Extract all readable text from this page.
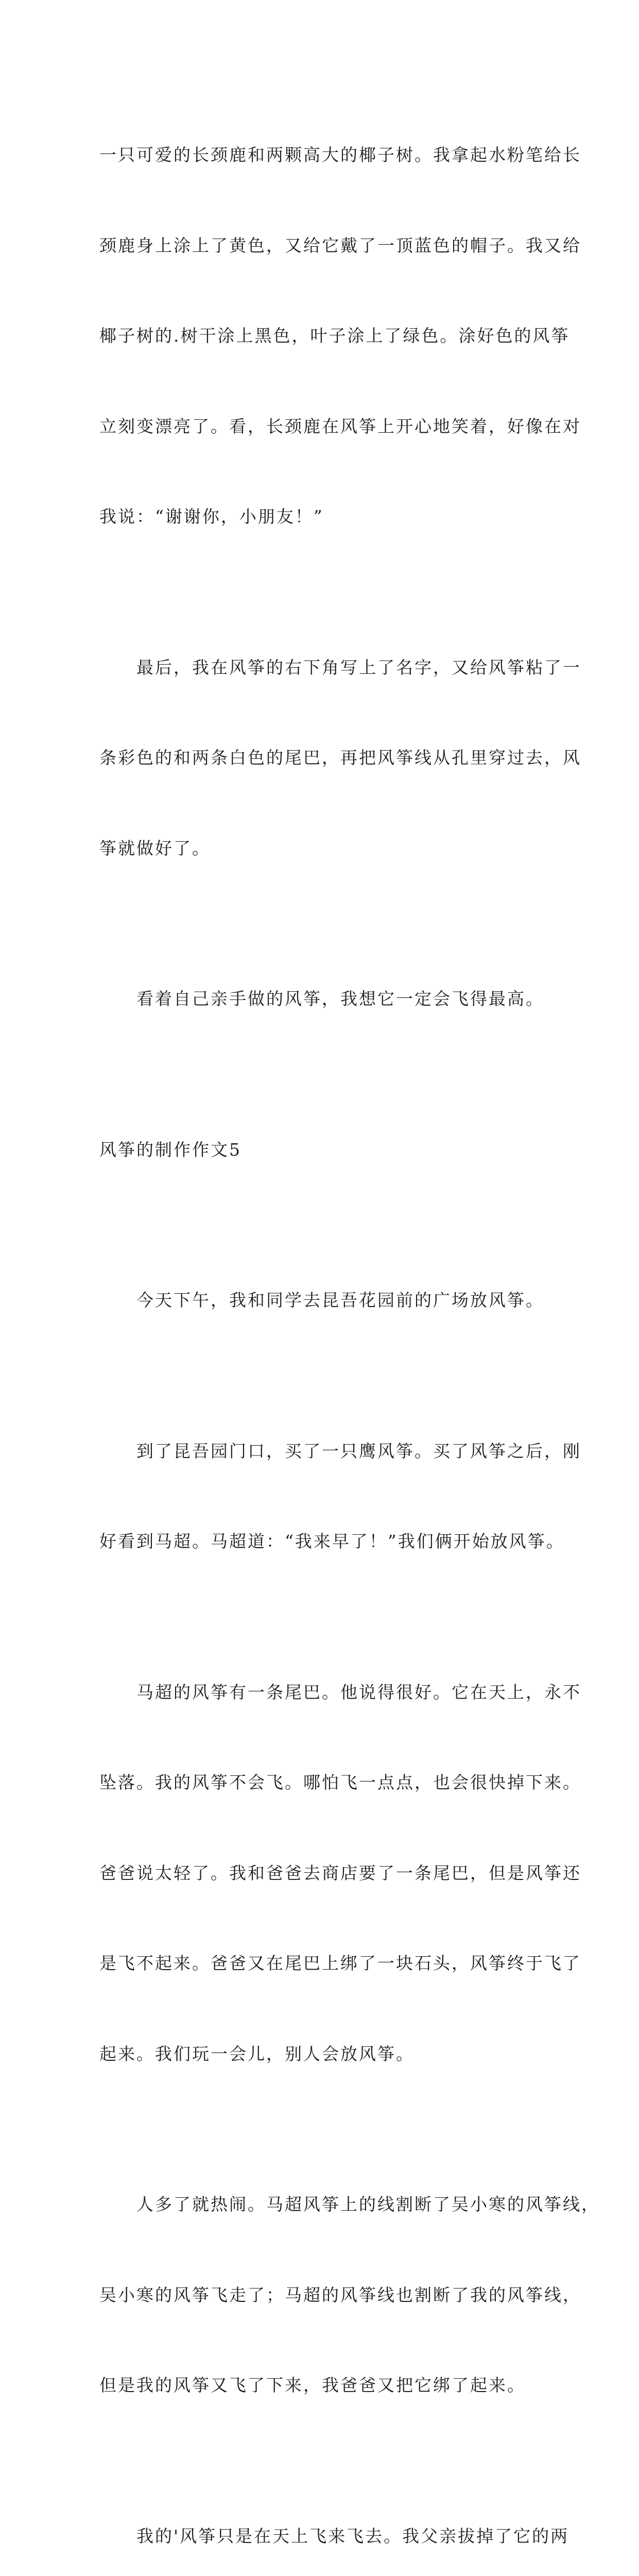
一只可爱的长颈鹿和两颗高大的椰子树。我拿起水粉笔给长

颈鹿身上涂上了黄色，又给它戴了一顶蓝色的帽子。我又给

椰子树的.树干涂上黑色，叶子涂上了绿色。涂好色的风筝

立刻变漂亮了。看，长颈鹿在风筝上开心地笑着，好像在对

我说：“谢谢你，小朋友！”

　　最后，我在风筝的右下角写上了名字，又给风筝粘了一

条彩色的和两条白色的尾巴，再把风筝线从孔里穿过去，风

筝就做好了。

　　看着自己亲手做的风筝，我想它一定会飞得最高。

风筝的制作作文5

　　今天下午，我和同学去昆吾花园前的广场放风筝。

　　到了昆吾园门口，买了一只鹰风筝。买了风筝之后，刚

好看到马超。马超道：“我来早了！”我们俩开始放风筝。

　　马超的风筝有一条尾巴。他说得很好。它在天上，永不

坠落。我的风筝不会飞。哪怕飞一点点，也会很快掉下来。

爸爸说太轻了。我和爸爸去商店要了一条尾巴，但是风筝还

是飞不起来。爸爸又在尾巴上绑了一块石头，风筝终于飞了

起来。我们玩一会儿，别人会放风筝。

　　人多了就热闹。马超风筝上的线割断了吴小寒的风筝线，

吴小寒的风筝飞走了；马超的风筝线也割断了我的风筝线，

但是我的风筝又飞了下来，我爸爸又把它绑了起来。

　　我的'风筝只是在天上飞来飞去。我父亲拔掉了它的两
